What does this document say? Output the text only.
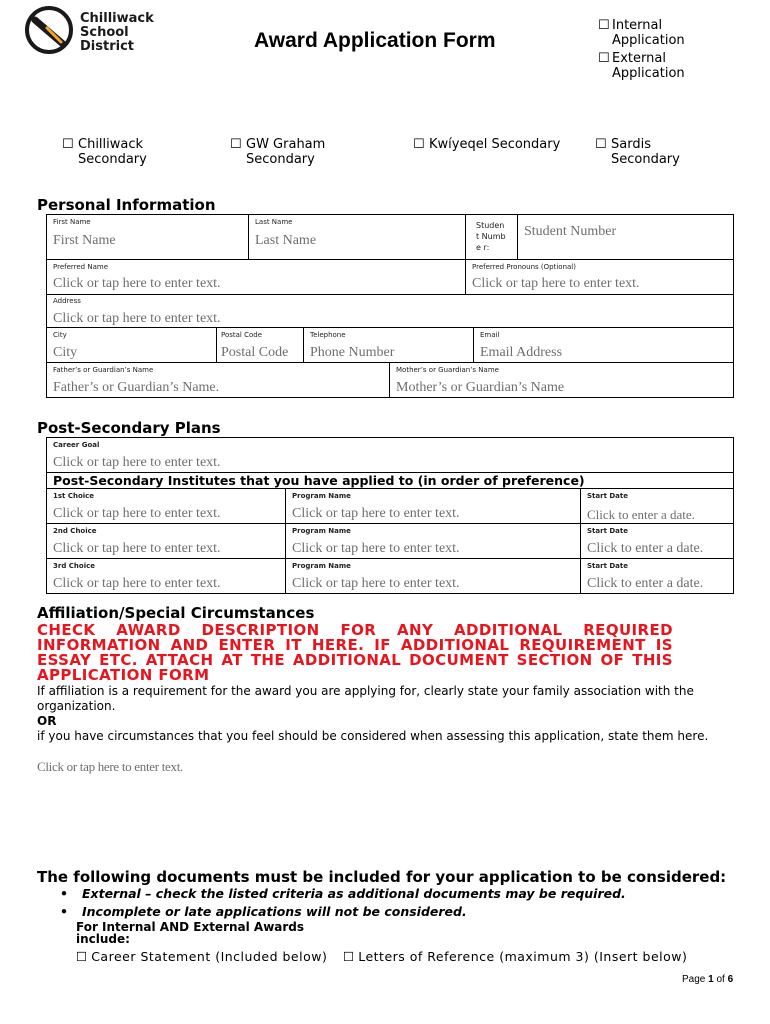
Chilliwack
School District	Award Application Form
☐ Internal Application
☐ External Application
☐ Chilliwack Secondary
☐ GW Graham Secondary
☐ Kwíyeqel Secondary	☐ Sardis Secondary
Personal Information
First Name
First Name
Last Name
Last Name
Studen t Numbe r:
Student Number
Preferred Name
Click or tap here to enter text.
Preferred Pronouns (Optional)
Click or tap here to enter text.
Address
Click or tap here to enter text.
City
City
Postal Code
Postal Code
Telephone
Phone Number
Email
Email Address
Father’s or Guardian’s Name
Father’s or Guardian’s Name.
Mother’s or Guardian’s Name
Mother’s or Guardian’s Name
Post-Secondary Plans
Career Goal
Click or tap here to enter text.
Post-Secondary Institutes that you have applied to (in order of preference)
1st Choice
Click or tap here to enter text.
Program Name
Click or tap here to enter text.
Start Date
Click to enter a date.
2nd Choice
Click or tap here to enter text.
Program Name
Click or tap here to enter text.
Start Date
Click to enter a date.
3rd Choice
Click or tap here to enter text.
Program Name
Click or tap here to enter text.
Start Date
Click to enter a date.
Affiliation/Special Circumstances
CHECK AWARD DESCRIPTION FOR ANY ADDITIONAL REQUIRED
INFORMATION AND ENTER IT HERE. IF ADDITIONAL REQUIREMENT IS
ESSAY ETC. ATTACH AT THE ADDITIONAL DOCUMENT SECTION OF THIS
APPLICATION FORM
If affiliation is a requirement for the award you are applying for, clearly state your family association with the organization.
OR
if you have circumstances that you feel should be considered when assessing this application, state them here.
Click or tap here to enter text.
The following documents must be included for your application to be considered:
• External – check the listed criteria as additional documents may be required.
• Incomplete or late applications will not be considered.
For Internal AND External Awards include:
☐ Career Statement (Included below) ☐ Letters of Reference (maximum 3) (Insert below)
Page 1 of 6
